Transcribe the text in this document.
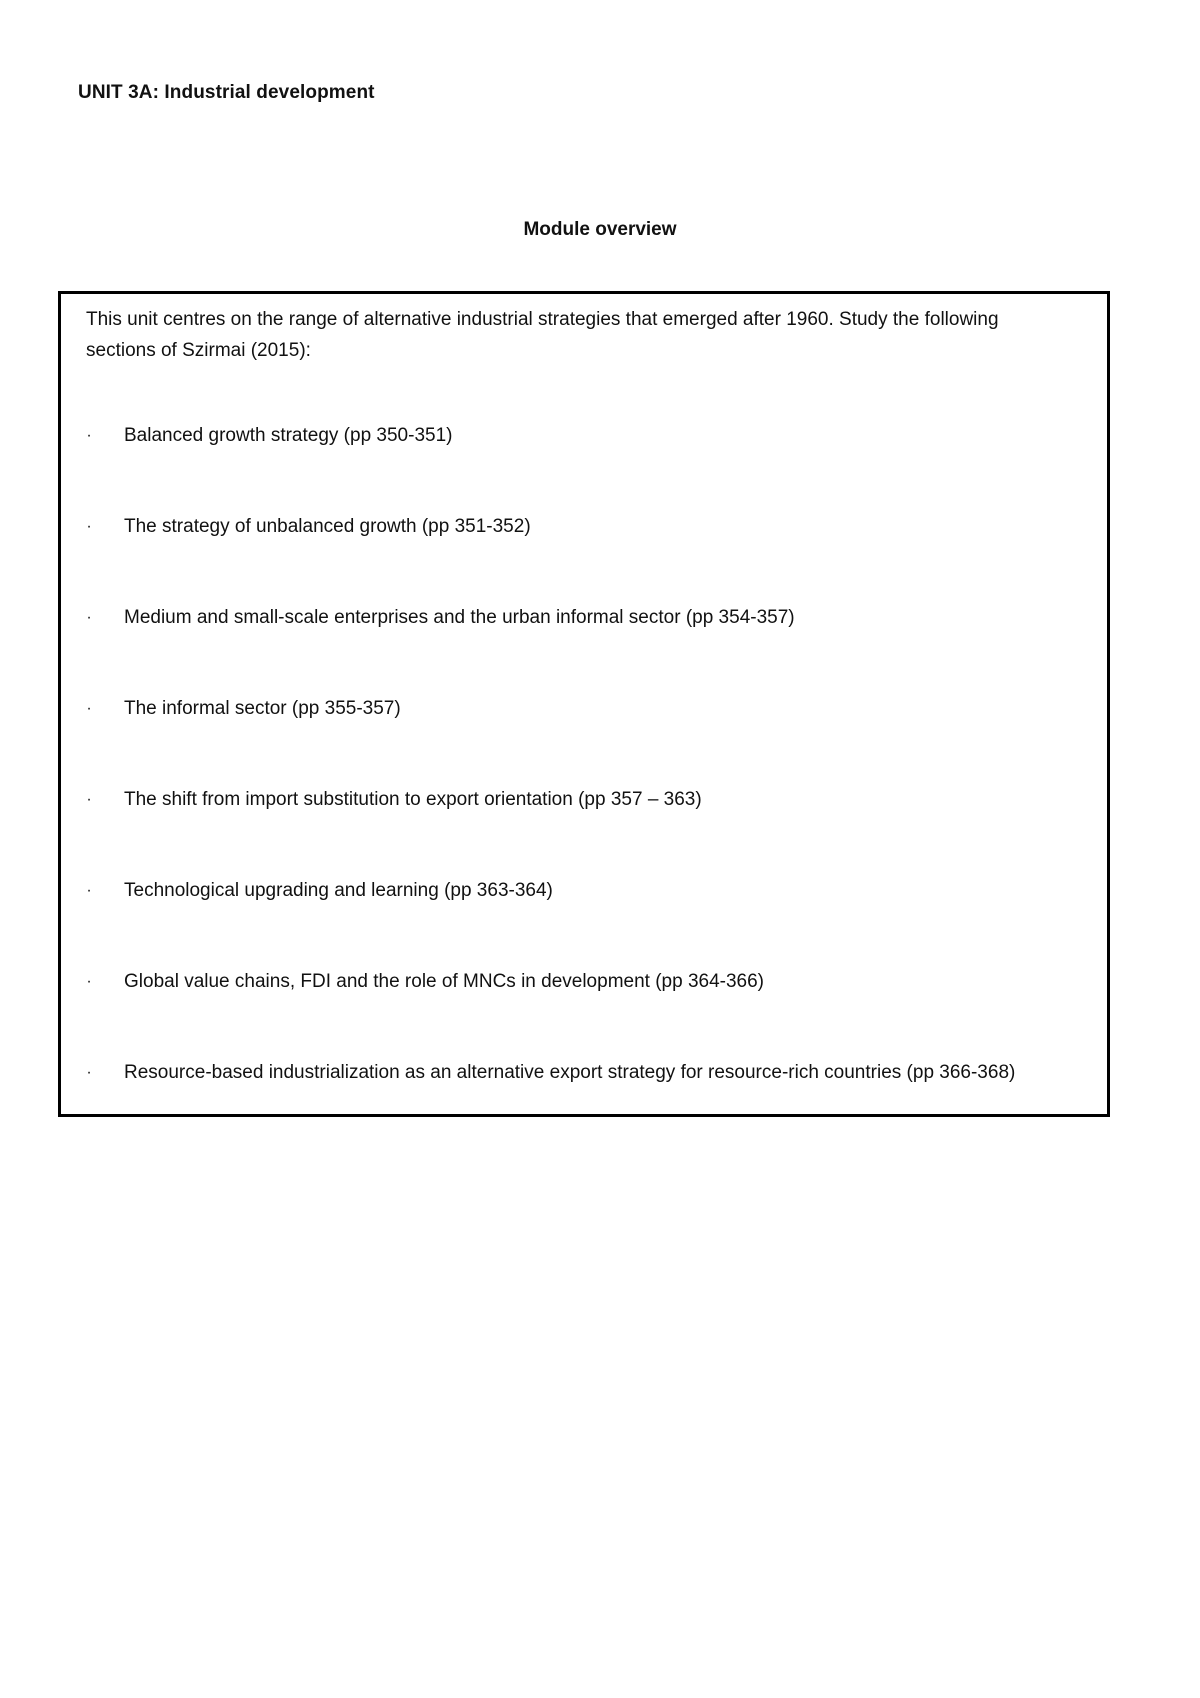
UNIT 3A: Industrial development
Module overview
This unit centres on the range of alternative industrial strategies that emerged after 1960. Study the following
sections of Szirmai (2015):
· Balanced growth strategy (pp 350-351)
· The strategy of unbalanced growth (pp 351-352)
· Medium and small-scale enterprises and the urban informal sector (pp 354-357)
· The informal sector (pp 355-357)
· The shift from import substitution to export orientation (pp 357 – 363)
· Technological upgrading and learning (pp 363-364)
· Global value chains, FDI and the role of MNCs in development (pp 364-366)
· Resource-based industrialization as an alternative export strategy for resource-rich countries (pp 366-368)
